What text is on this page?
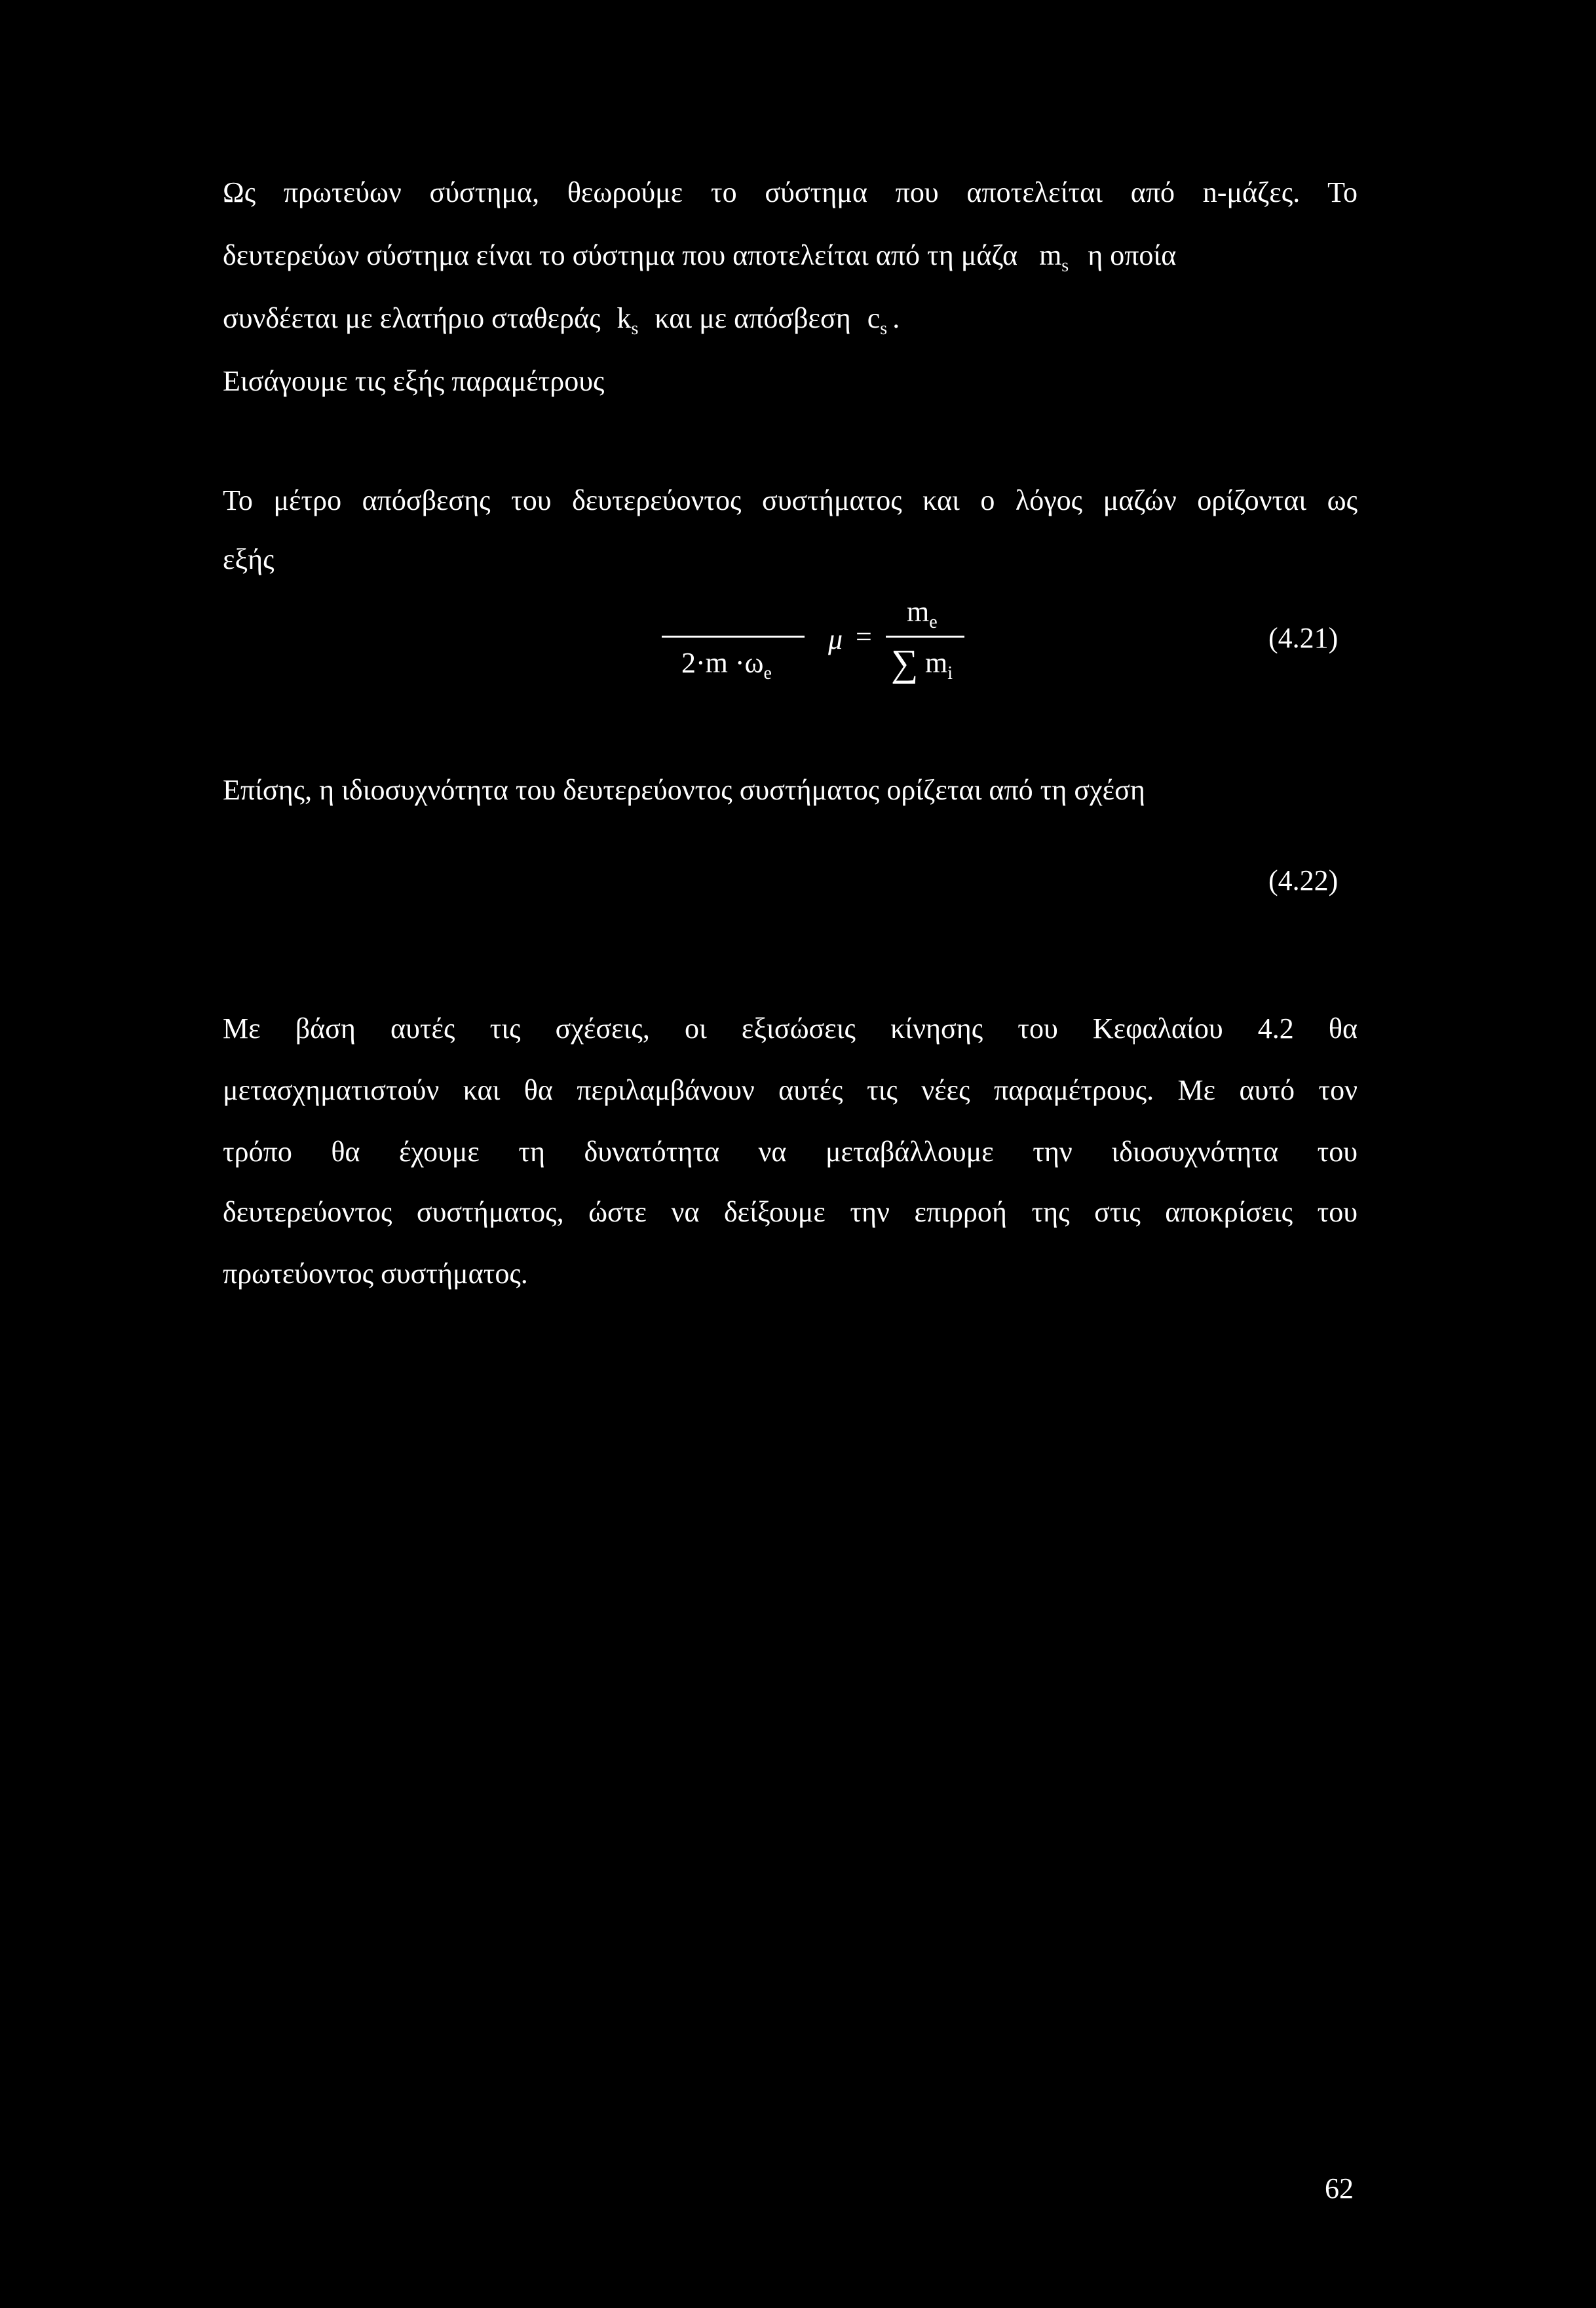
Ως πρωτεύων σύστημα, θεωρούμε το σύστημα που αποτελείται από n-μάζες. Το
δευτερεύων σύστημα είναι το σύστημα που αποτελείται από τη μάζα $m_s$ η οποία
συνδέεται με ελατήριο σταθεράς $k_s$ και με απόσβεση $c_s$ .
Εισάγουμε τις εξής παραμέτρους
Το μέτρο απόσβεσης του δευτερεύοντος συστήματος και ο λόγος μαζών ορίζονται ως
εξής
$2\cdot m \cdot\omega_e$
μ =
$m_e$
∑ $m_i$
(4.21)
Επίσης, η ιδιοσυχνότητα του δευτερεύοντος συστήματος ορίζεται από τη σχέση
(4.22)
Με βάση αυτές τις σχέσεις, οι εξισώσεις κίνησης του Κεφαλαίου 4.2 θα
μετασχηματιστούν και θα περιλαμβάνουν αυτές τις νέες παραμέτρους. Με αυτό τον
τρόπο θα έχουμε τη δυνατότητα να μεταβάλλουμε την ιδιοσυχνότητα του
δευτερεύοντος συστήματος, ώστε να δείξουμε την επιρροή της στις αποκρίσεις του
πρωτεύοντος συστήματος.
62
